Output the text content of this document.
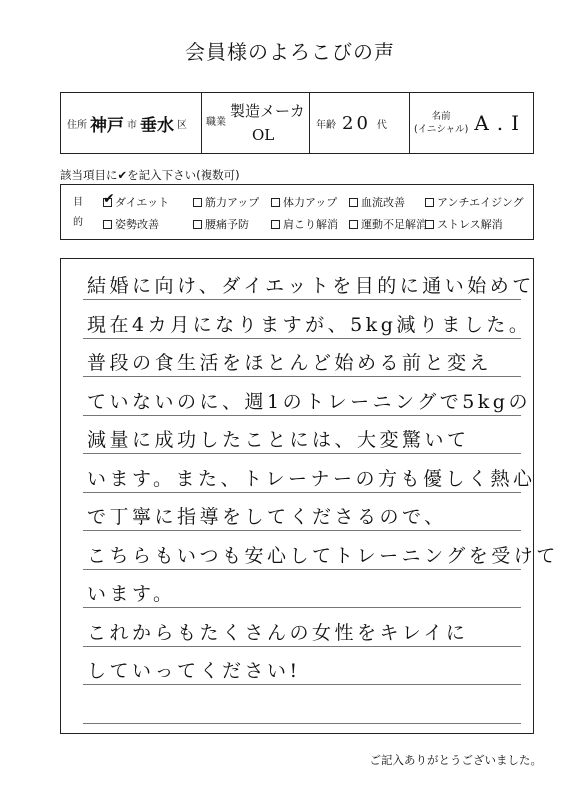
会員様のよろこびの声
住所 神戸 市 垂水 区 職業
製造メーカ
OL
年齢 20 代
名前
(イニシャル) A.I
該当項目に✔を記入下さい(複数可)
目
的
✔ ダイエット	筋力アップ 体力アップ 血流改善	アンチエイジング
姿勢改善	腰痛予防	肩こり解消 運動不足解消 ストレス解消
結婚に向け、ダイエットを目的に通い始めて
現在4カ月になりますが、5kg減りました。
普段の食生活をほとんど始める前と変え
ていないのに、週1のトレーニングで5kgの
減量に成功したことには、大変驚いて
います。また、トレーナーの方も優しく熱心
で丁寧に指導をしてくださるので、
こちらもいつも安心してトレーニングを受けて
います。
これからもたくさんの女性をキレイに
していってください!
ご記入ありがとうございました。
